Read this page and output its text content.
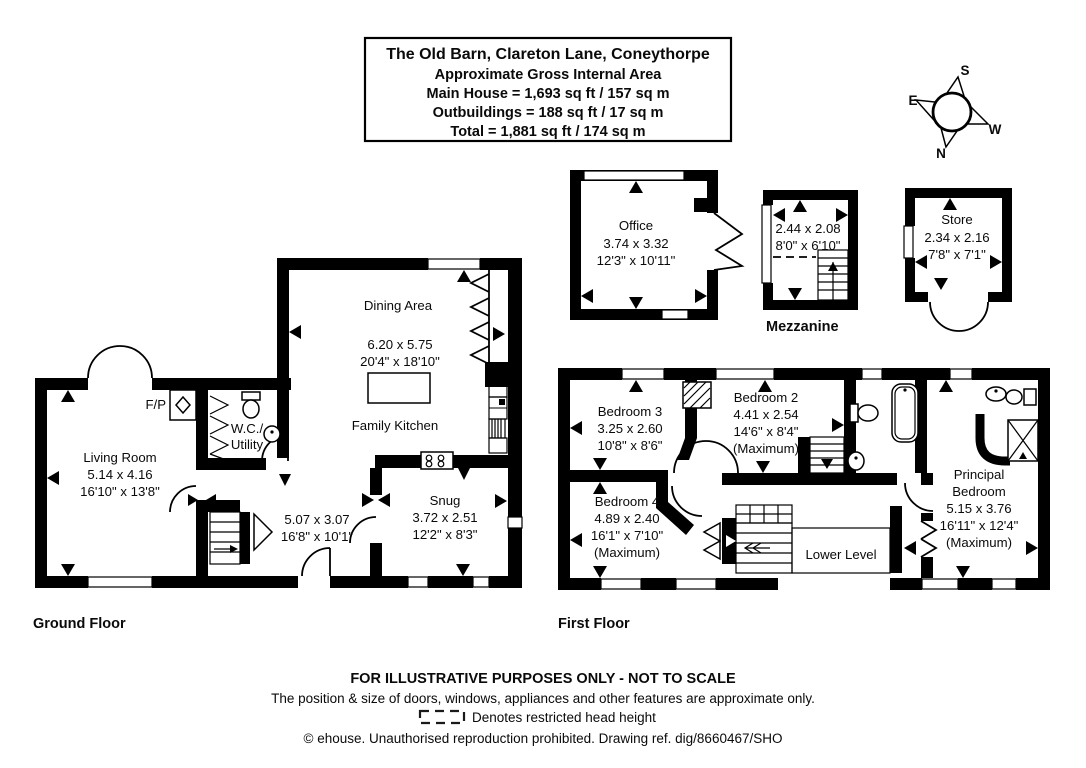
The Old Barn, Clareton Lane, Coneythorpe
Approximate Gross Internal Area
Main House = 1,693 sq ft / 157 sq m
Outbuildings = 188 sq ft / 17 sq m
Total = 1,881 sq ft / 174 sq m
S
E
W
N
Office
3.74 x 3.32
12'3" x 10'11"
2.44 x 2.08
8'0" x 6'10"
Mezzanine
Store
2.34 x 2.16
7'8" x 7'1"
F/P
Dining Area
6.20 x 5.75
20'4" x 18'10"
Family Kitchen
Living Room
5.14 x 4.16
16'10" x 13'8"
W.C./
Utility
5.07 x 3.07
16'8" x 10'1"
Snug
3.72 x 2.51
12'2" x 8'3"
Ground Floor
Bedroom 3
3.25 x 2.60
10'8" x 8'6"
Bedroom 2
4.41 x 2.54
14'6" x 8'4"
(Maximum)
Bedroom 4
4.89 x 2.40
16'1" x 7'10"
(Maximum)
Principal
Bedroom
5.15 x 3.76
16'11" x 12'4"
(Maximum)
Lower Level
First Floor
FOR ILLUSTRATIVE PURPOSES ONLY - NOT TO SCALE
The position & size of doors, windows, appliances and other features are approximate only.
Denotes restricted head height
© ehouse. Unauthorised reproduction prohibited. Drawing ref. dig/8660467/SHO
